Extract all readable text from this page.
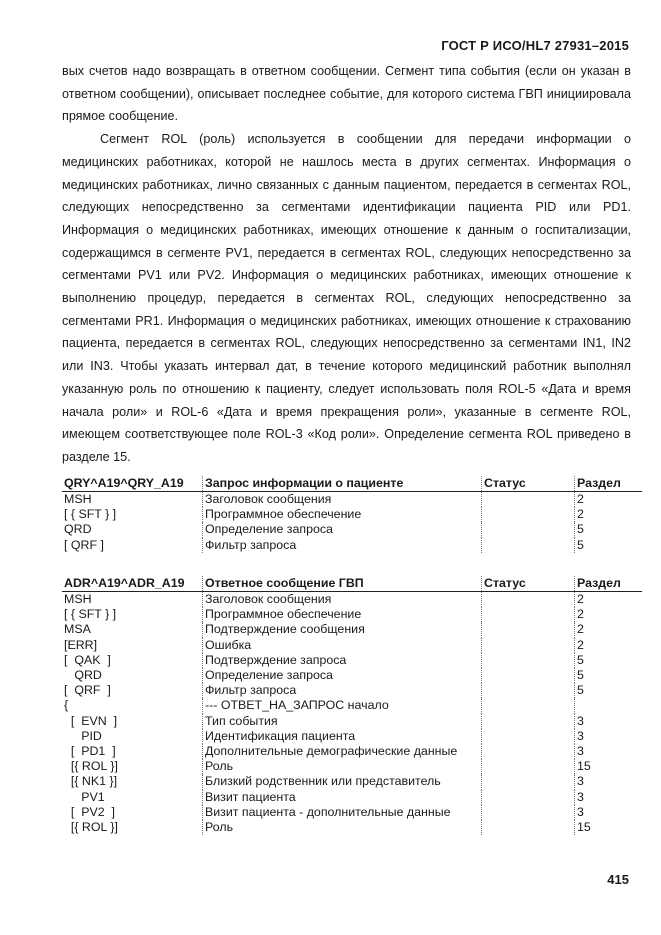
ГОСТ Р ИСО/HL7 27931–2015

вых счетов надо возвращать в ответном сообщении. Сегмент типа события (если он указан в ответном сообщении), описывает последнее событие, для которого система ГВП инициировала прямое сообщение.

Сегмент ROL (роль) используется в сообщении для передачи информации о медицинских работниках, которой не нашлось места в других сегментах. Информация о медицинских работниках, лично связанных с данным пациентом, передается в сегментах ROL, следующих непосредственно за сегментами идентификации пациента PID или PD1. Информация о медицинских работниках, имеющих отношение к данным о госпитализации, содержащимся в сегменте PV1, передается в сегментах ROL, следующих непосредственно за сегментами PV1 или PV2. Информация о медицинских работниках, имеющих отношение к выполнению процедур, передается в сегментах ROL, следующих непосредственно за сегментами PR1. Информация о медицинских работниках, имеющих отношение к страхованию пациента, передается в сегментах ROL, следующих непосредственно за сегментами IN1, IN2 или IN3. Чтобы указать интервал дат, в течение которого медицинский работник выполнял указанную роль по отношению к пациенту, следует использовать поля ROL-5 «Дата и время начала роли» и ROL-6 «Дата и время прекращения роли», указанные в сегменте ROL, имеющем соответствующее поле ROL-3 «Код роли». Определение сегмента ROL приведено в разделе 15.

QRY^A19^QRY_A19	Запрос информации о пациенте	Статус	Раздел
MSH	Заголовок сообщения		2
[ { SFT } ]	Программное обеспечение		2
QRD	Определение запроса		5
[ QRF ]	Фильтр запроса		5
ADR^A19^ADR_A19	Ответное сообщение ГВП	Статус	Раздел
MSH	Заголовок сообщения		2
[ { SFT } ]	Программное обеспечение		2
MSA	Подтверждение сообщения		2
[ERR]	Ошибка		2
[  QAK  ]	Подтверждение запроса		5
QRD	Определение запроса		5
[  QRF  ]	Фильтр запроса		5
{	--- ОТВЕТ_НА_ЗАПРОС начало		
[  EVN  ]	Тип события		3
PID	Идентификация пациента		3
[  PD1  ]	Дополнительные демографические данные		3
[{ ROL }]	Роль		15
[{ NK1 }]	Близкий родственник или представитель		3
PV1	Визит пациента		3
[  PV2  ]	Визит пациента - дополнительные данные		3
[{ ROL }]	Роль		15
415
